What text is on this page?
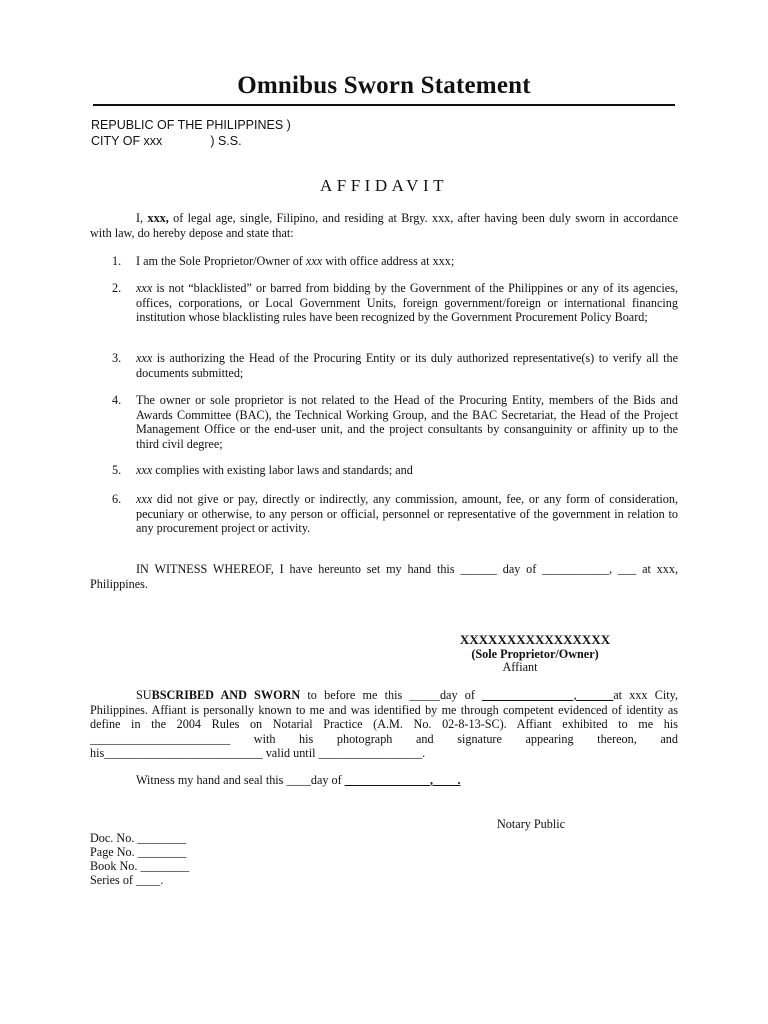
Omnibus Sworn Statement
REPUBLIC OF THE PHILIPPINES )
CITY OF xxx	) S.S.
AFFIDAVIT
I, xxx, of legal age, single, Filipino, and residing at Brgy. xxx, after having been duly sworn in accordance with law, do hereby depose and state that:
1. I am the Sole Proprietor/Owner of xxx with office address at xxx;
2. xxx is not “blacklisted” or barred from bidding by the Government of the Philippines or any of its agencies, offices, corporations, or Local Government Units, foreign government/foreign or international financing institution whose blacklisting rules have been recognized by the Government Procurement Policy Board;
3. xxx is authorizing the Head of the Procuring Entity or its duly authorized representative(s) to verify all the documents submitted;
4. The owner or sole proprietor is not related to the Head of the Procuring Entity, members of the Bids and Awards Committee (BAC), the Technical Working Group, and the BAC Secretariat, the Head of the Project Management Office or the end-user unit, and the project consultants by consanguinity or affinity up to the third civil degree;
5. xxx complies with existing labor laws and standards; and
6. xxx did not give or pay, directly or indirectly, any commission, amount, fee, or any form of consideration, pecuniary or otherwise, to any person or official, personnel or representative of the government in relation to any procurement project or activity.
IN WITNESS WHEREOF, I have hereunto set my hand this ______ day of ___________, ___ at xxx, Philippines.
XXXXXXXXXXXXXXXX
(Sole Proprietor/Owner)
Affiant
SUBSCRIBED AND SWORN to before me this _____day of _______________,______at xxx City, Philippines. Affiant is personally known to me and was identified by me through competent evidenced of identity as define in the 2004 Rules on Notarial Practice (A.M. No. 02-8-13-SC). Affiant exhibited to me his _______________________ with his photograph and signature appearing thereon, and his__________________________ valid until _________________.
Witness my hand and seal this ____day of ______________,____.
Notary Public
Doc. No. ________
Page No. ________
Book No. ________
Series of ____.
